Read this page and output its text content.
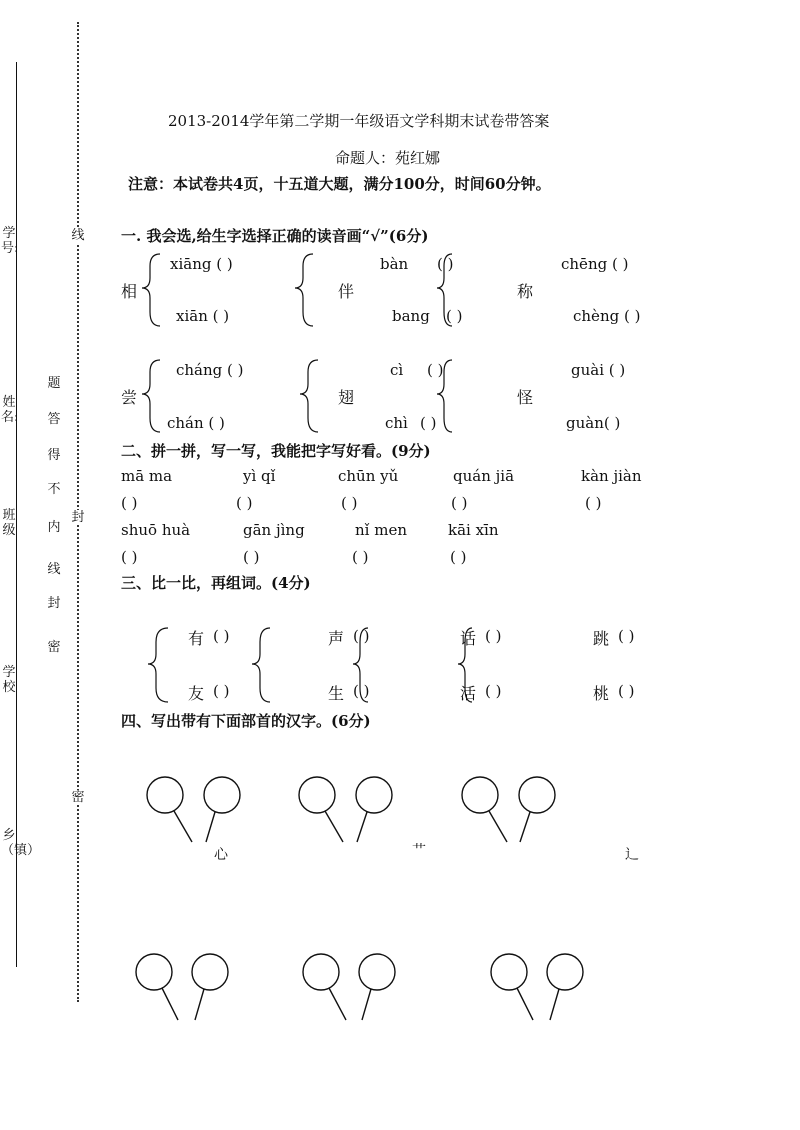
学号:
姓名:
班级
学校
乡（镇）
密
封
线
内
不
得
答
题
线
封
密
2013-2014学年第二学期一年级语文学科期末试卷带答案
命题人：苑红娜
注意：本试卷共4页，十五道大题，满分100分，时间60分钟。
一. 我会选,给生字选择正确的读音画“√”(6分)
相
xiāng ( )
xiān ( )
伴
bàn ( )
bang ( )
称
chēng ( )
chèng ( )
尝
cháng ( )
chán ( )
翅
cì ( )
chì ( )
怪
guài ( )
guàn( )
二、拼一拼，写一写，我能把字写好看。(9分)
mā ma	yì qǐ	chūn yǔ	quán jiā	kàn jiàn
( )	( )	( )	( )	( )
shuō huà	gān jìng	nǐ men	kāi xīn
( )	( )	( )	( )
三、比一比，再组词。(4分)
有 ( )
友 ( )
声 ( )
生 ( )
话 ( )
活 ( )
跳 ( )
桃 ( )
四、写出带有下面部首的汉字。(6分)
心	艹	辶
